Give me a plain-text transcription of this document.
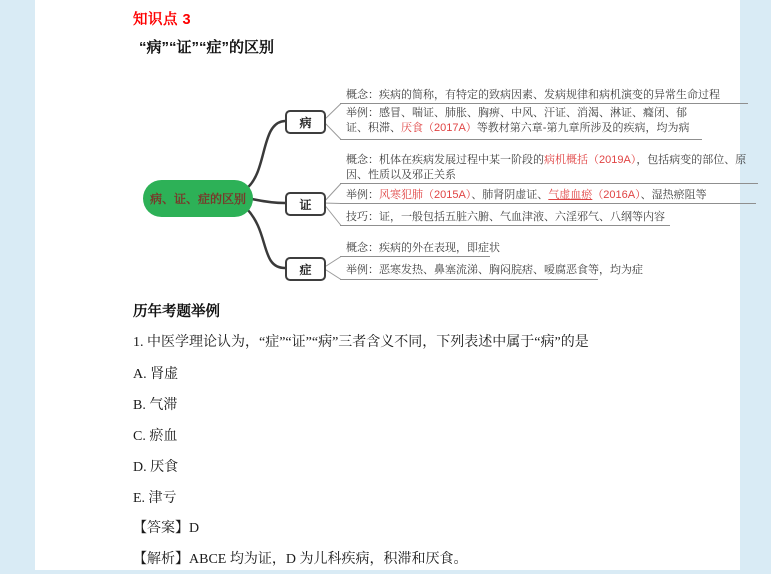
知识点 3
“病”“证”“症”的区别
病、证、症的区别
病
证
症
概念：疾病的简称，有特定的致病因素、发病规律和病机演变的异常生命过程
举例：感冒、喘证、肺胀、胸痹、中风、汗证、消渴、淋证、癃闭、郁证、积滞、厌食（2017A）等教材第六章-第九章所涉及的疾病，均为病
概念：机体在疾病发展过程中某一阶段的病机概括（2019A），包括病变的部位、原因、性质以及邪正关系
举例：风寒犯肺（2015A）、肺肾阴虚证、气虚血瘀（2016A）、湿热瘀阻等
技巧：证，一般包括五脏六腑、气血津液、六淫邪气、八纲等内容
概念：疾病的外在表现，即症状
举例：恶寒发热、鼻塞流涕、胸闷脘痞、嗳腐恶食等，均为症
历年考题举例
1. 中医学理论认为，“症”“证”“病”三者含义不同，下列表述中属于“病”的是
A. 肾虚
B. 气滞
C. 瘀血
D. 厌食
E. 津亏
【答案】D
【解析】ABCE 均为证，D 为儿科疾病，积滞和厌食。
